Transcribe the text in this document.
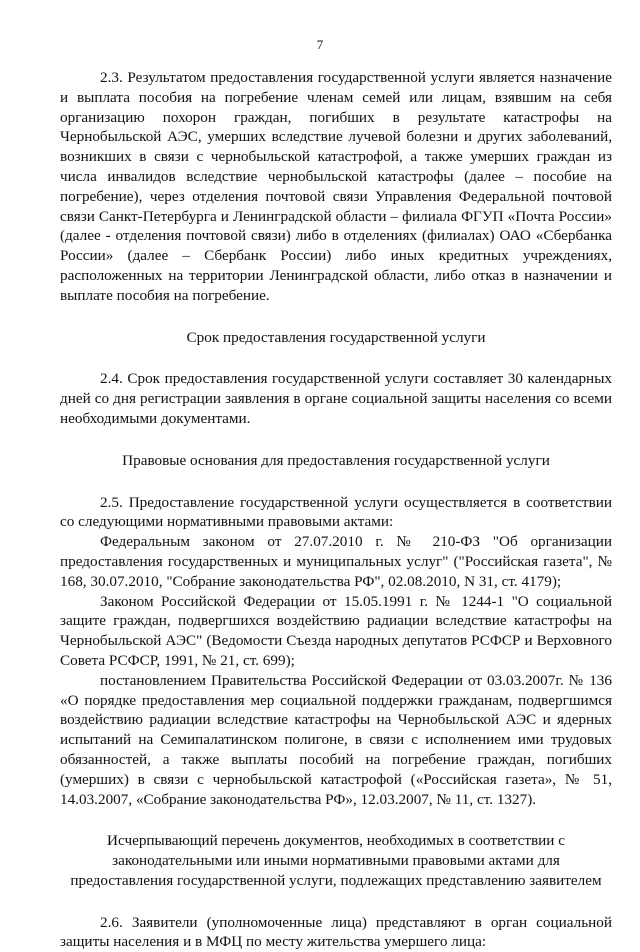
7

2.3. Результатом предоставления государственной услуги является назначение и выплата пособия на погребение членам семей или лицам, взявшим на себя организацию похорон граждан, погибших в результате катастрофы на Чернобыльской АЭС, умерших вследствие лучевой болезни и других заболеваний, возникших в связи с чернобыльской катастрофой, а также умерших граждан из числа инвалидов вследствие чернобыльской катастрофы (далее – пособие на погребение), через отделения почтовой связи Управления Федеральной почтовой связи Санкт-Петербурга и Ленинградской области – филиала ФГУП «Почта России» (далее - отделения почтовой связи) либо в отделениях (филиалах) ОАО «Сбербанка России» (далее – Сбербанк России) либо иных кредитных учреждениях, расположенных на территории Ленинградской области, либо отказ в назначении и выплате пособия на погребение.

Срок предоставления государственной услуги

2.4. Срок предоставления государственной услуги составляет 30 календарных дней со дня регистрации заявления в органе социальной защиты населения со всеми необходимыми документами.

Правовые основания для предоставления государственной услуги

2.5. Предоставление государственной услуги осуществляется в соответствии со следующими нормативными правовыми актами:

Федеральным законом от 27.07.2010 г. № 210-ФЗ "Об организации предоставления государственных и муниципальных услуг" ("Российская газета", № 168, 30.07.2010, "Собрание законодательства РФ", 02.08.2010, N 31, ст. 4179);

Законом Российской Федерации от 15.05.1991 г. № 1244-1 "О социальной защите граждан, подвергшихся воздействию радиации вследствие катастрофы на Чернобыльской АЭС" (Ведомости Съезда народных депутатов РСФСР и Верховного Совета РСФСР, 1991, № 21, ст. 699);

постановлением Правительства Российской Федерации от 03.03.2007г. № 136 «О порядке предоставления мер социальной поддержки гражданам, подвергшимся воздействию радиации вследствие катастрофы на Чернобыльской АЭС и ядерных испытаний на Семипалатинском полигоне, в связи с исполнением ими трудовых обязанностей, а также выплаты пособий на погребение граждан, погибших (умерших) в связи с чернобыльской катастрофой («Российская газета», № 51, 14.03.2007, «Собрание законодательства РФ», 12.03.2007, № 11, ст. 1327).

Исчерпывающий перечень документов, необходимых в соответствии с законодательными или иными нормативными правовыми актами для предоставления государственной услуги, подлежащих представлению заявителем

2.6. Заявители (уполномоченные лица) представляют в орган социальной защиты населения и в МФЦ по месту жительства умершего лица:
